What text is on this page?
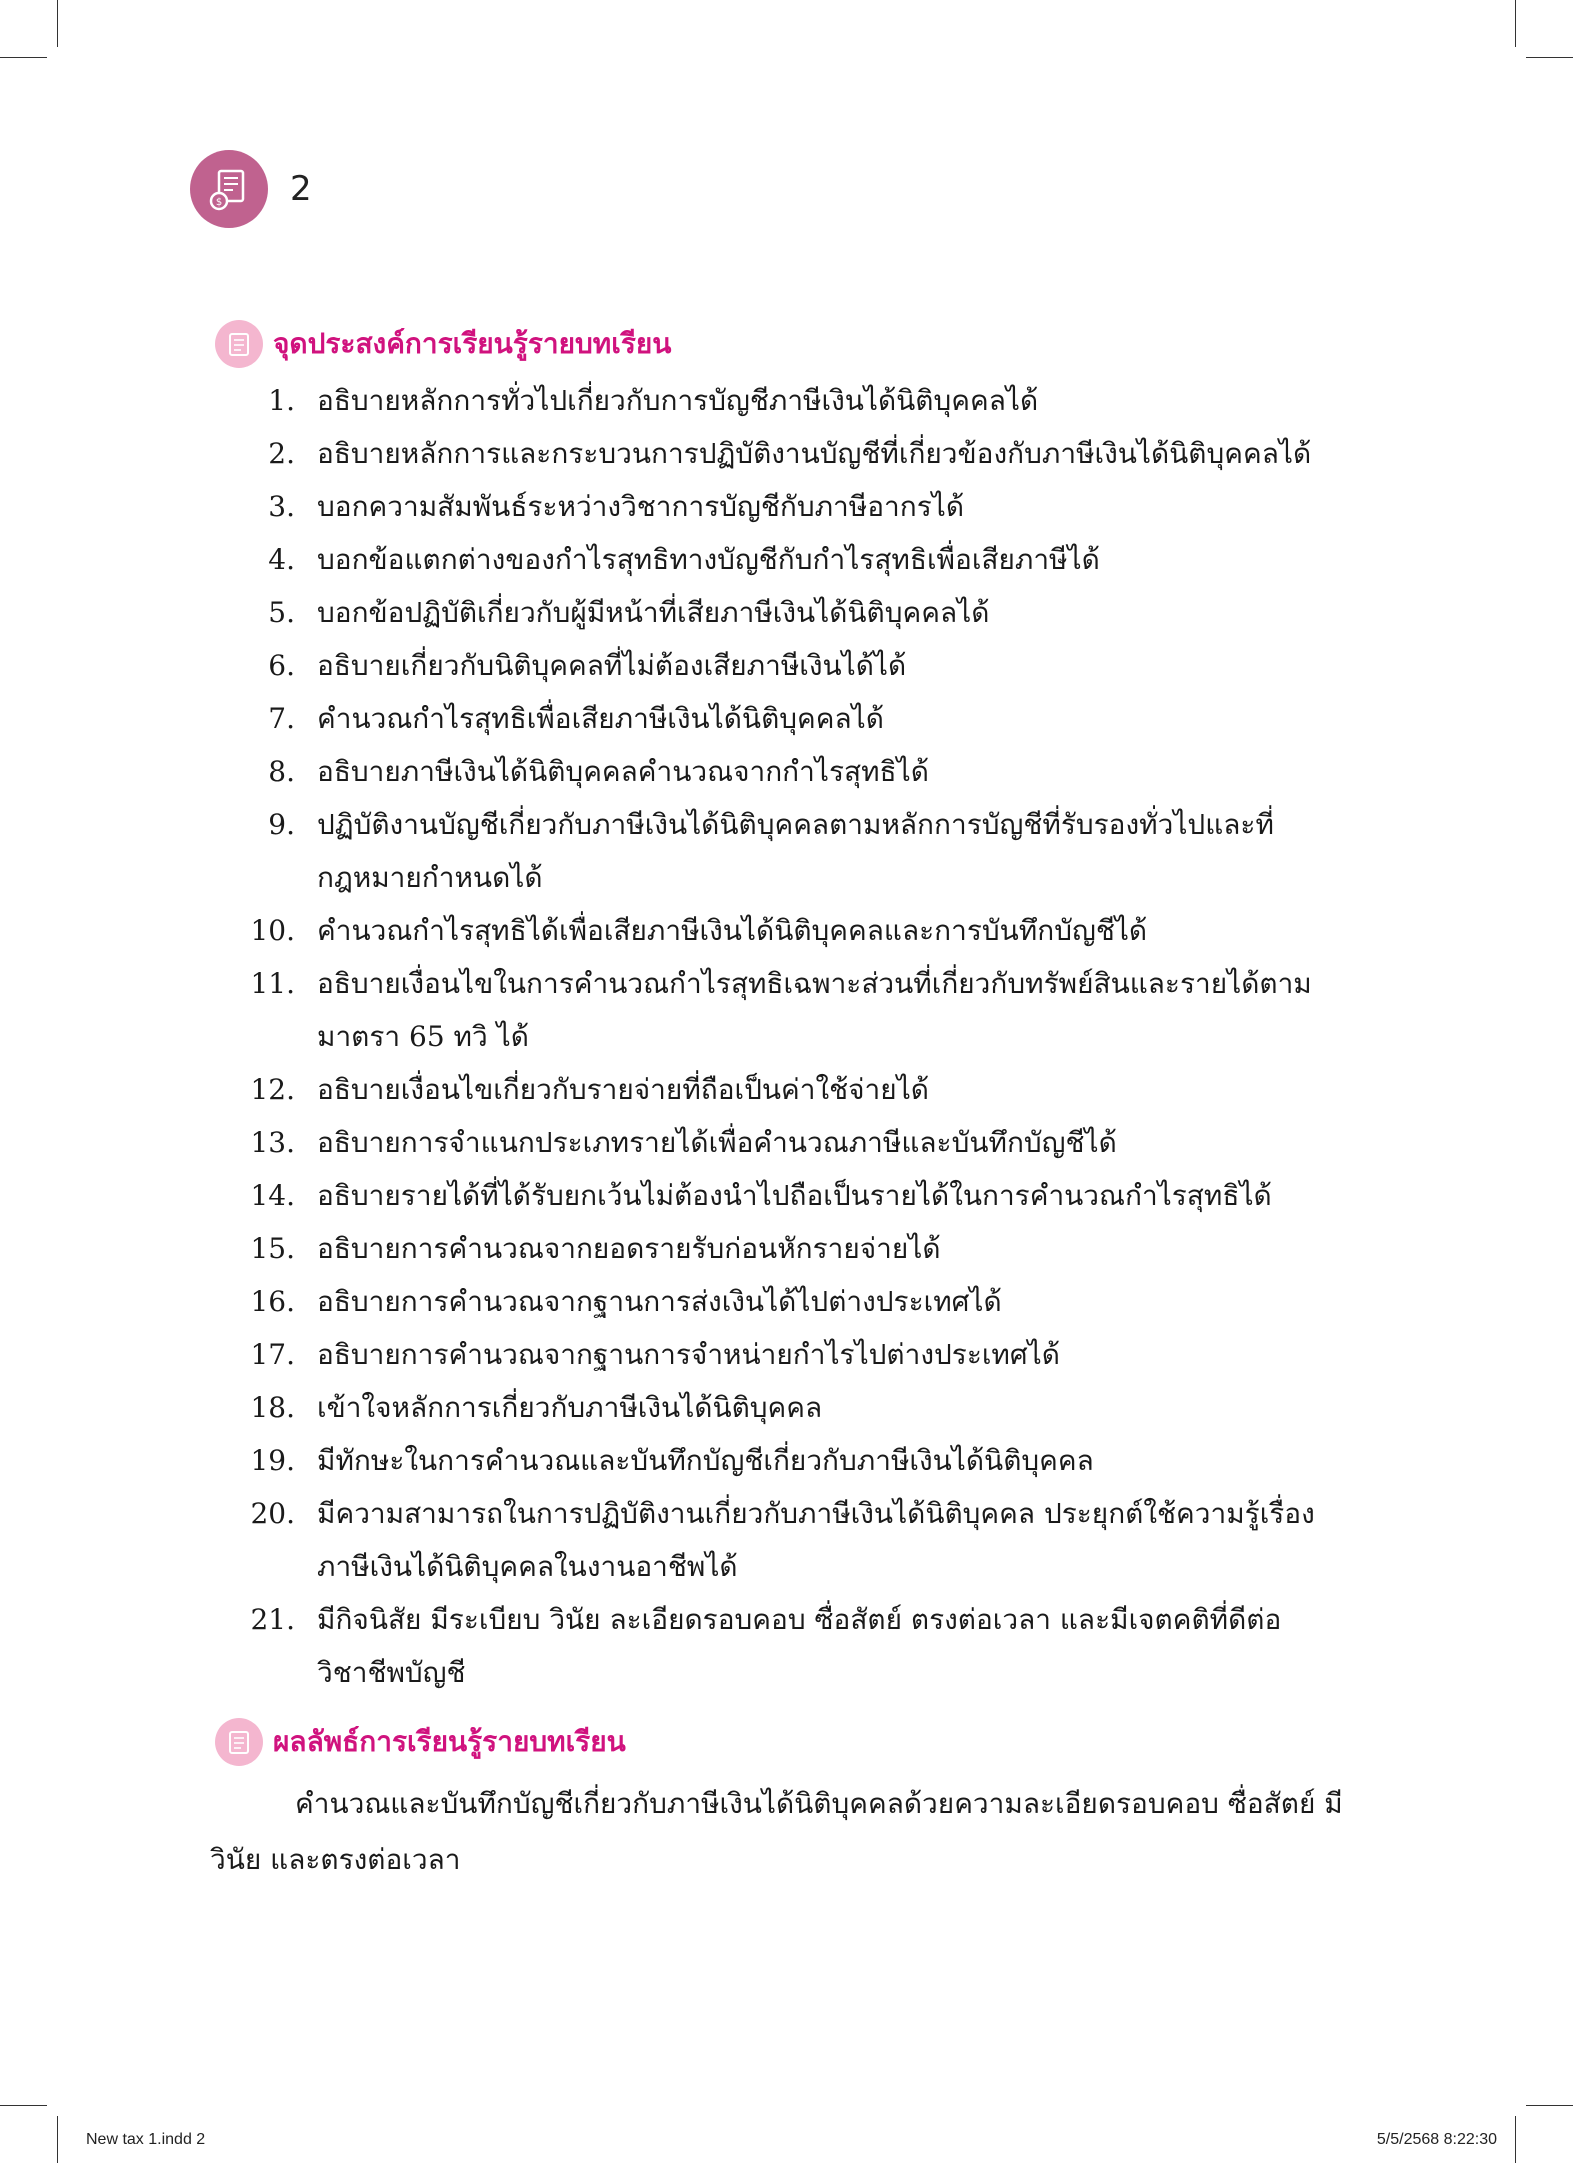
$ 2
จุดประสงค์การเรียนรู้รายบทเรียน
1. อธิบายหลักการทั่วไปเกี่ยวกับการบัญชีภาษีเงินได้นิติบุคคลได้
2. อธิบายหลักการและกระบวนการปฏิบัติงานบัญชีที่เกี่ยวข้องกับภาษีเงินได้นิติบุคคลได้
3. บอกความสัมพันธ์ระหว่างวิชาการบัญชีกับภาษีอากรได้
4. บอกข้อแตกต่างของกำไรสุทธิทางบัญชีกับกำไรสุทธิเพื่อเสียภาษีได้
5. บอกข้อปฏิบัติเกี่ยวกับผู้มีหน้าที่เสียภาษีเงินได้นิติบุคคลได้
6. อธิบายเกี่ยวกับนิติบุคคลที่ไม่ต้องเสียภาษีเงินได้ได้
7. คำนวณกำไรสุทธิเพื่อเสียภาษีเงินได้นิติบุคคลได้
8. อธิบายภาษีเงินได้นิติบุคคลคำนวณจากกำไรสุทธิได้
9. ปฏิบัติงานบัญชีเกี่ยวกับภาษีเงินได้นิติบุคคลตามหลักการบัญชีที่รับรองทั่วไปและที่กฎหมายกำหนดได้
10. คำนวณกำไรสุทธิได้เพื่อเสียภาษีเงินได้นิติบุคคลและการบันทึกบัญชีได้
11. อธิบายเงื่อนไขในการคำนวณกำไรสุทธิเฉพาะส่วนที่เกี่ยวกับทรัพย์สินและรายได้ตามมาตรา 65 ทวิ ได้
12. อธิบายเงื่อนไขเกี่ยวกับรายจ่ายที่ถือเป็นค่าใช้จ่ายได้
13. อธิบายการจำแนกประเภทรายได้เพื่อคำนวณภาษีและบันทึกบัญชีได้
14. อธิบายรายได้ที่ได้รับยกเว้นไม่ต้องนำไปถือเป็นรายได้ในการคำนวณกำไรสุทธิได้
15. อธิบายการคำนวณจากยอดรายรับก่อนหักรายจ่ายได้
16. อธิบายการคำนวณจากฐานการส่งเงินได้ไปต่างประเทศได้
17. อธิบายการคำนวณจากฐานการจำหน่ายกำไรไปต่างประเทศได้
18. เข้าใจหลักการเกี่ยวกับภาษีเงินได้นิติบุคคล
19. มีทักษะในการคำนวณและบันทึกบัญชีเกี่ยวกับภาษีเงินได้นิติบุคคล
20. มีความสามารถในการปฏิบัติงานเกี่ยวกับภาษีเงินได้นิติบุคคล ประยุกต์ใช้ความรู้เรื่องภาษีเงินได้นิติบุคคลในงานอาชีพได้
21. มีกิจนิสัย มีระเบียบ วินัย ละเอียดรอบคอบ ซื่อสัตย์ ตรงต่อเวลา และมีเจตคติที่ดีต่อวิชาชีพบัญชี
ผลลัพธ์การเรียนรู้รายบทเรียน

คำนวณและบันทึกบัญชีเกี่ยวกับภาษีเงินได้นิติบุคคลด้วยความละเอียดรอบคอบ ซื่อสัตย์ มีวินัย และตรงต่อเวลา

New tax 1.indd 2	5/5/2568 8:22:30
